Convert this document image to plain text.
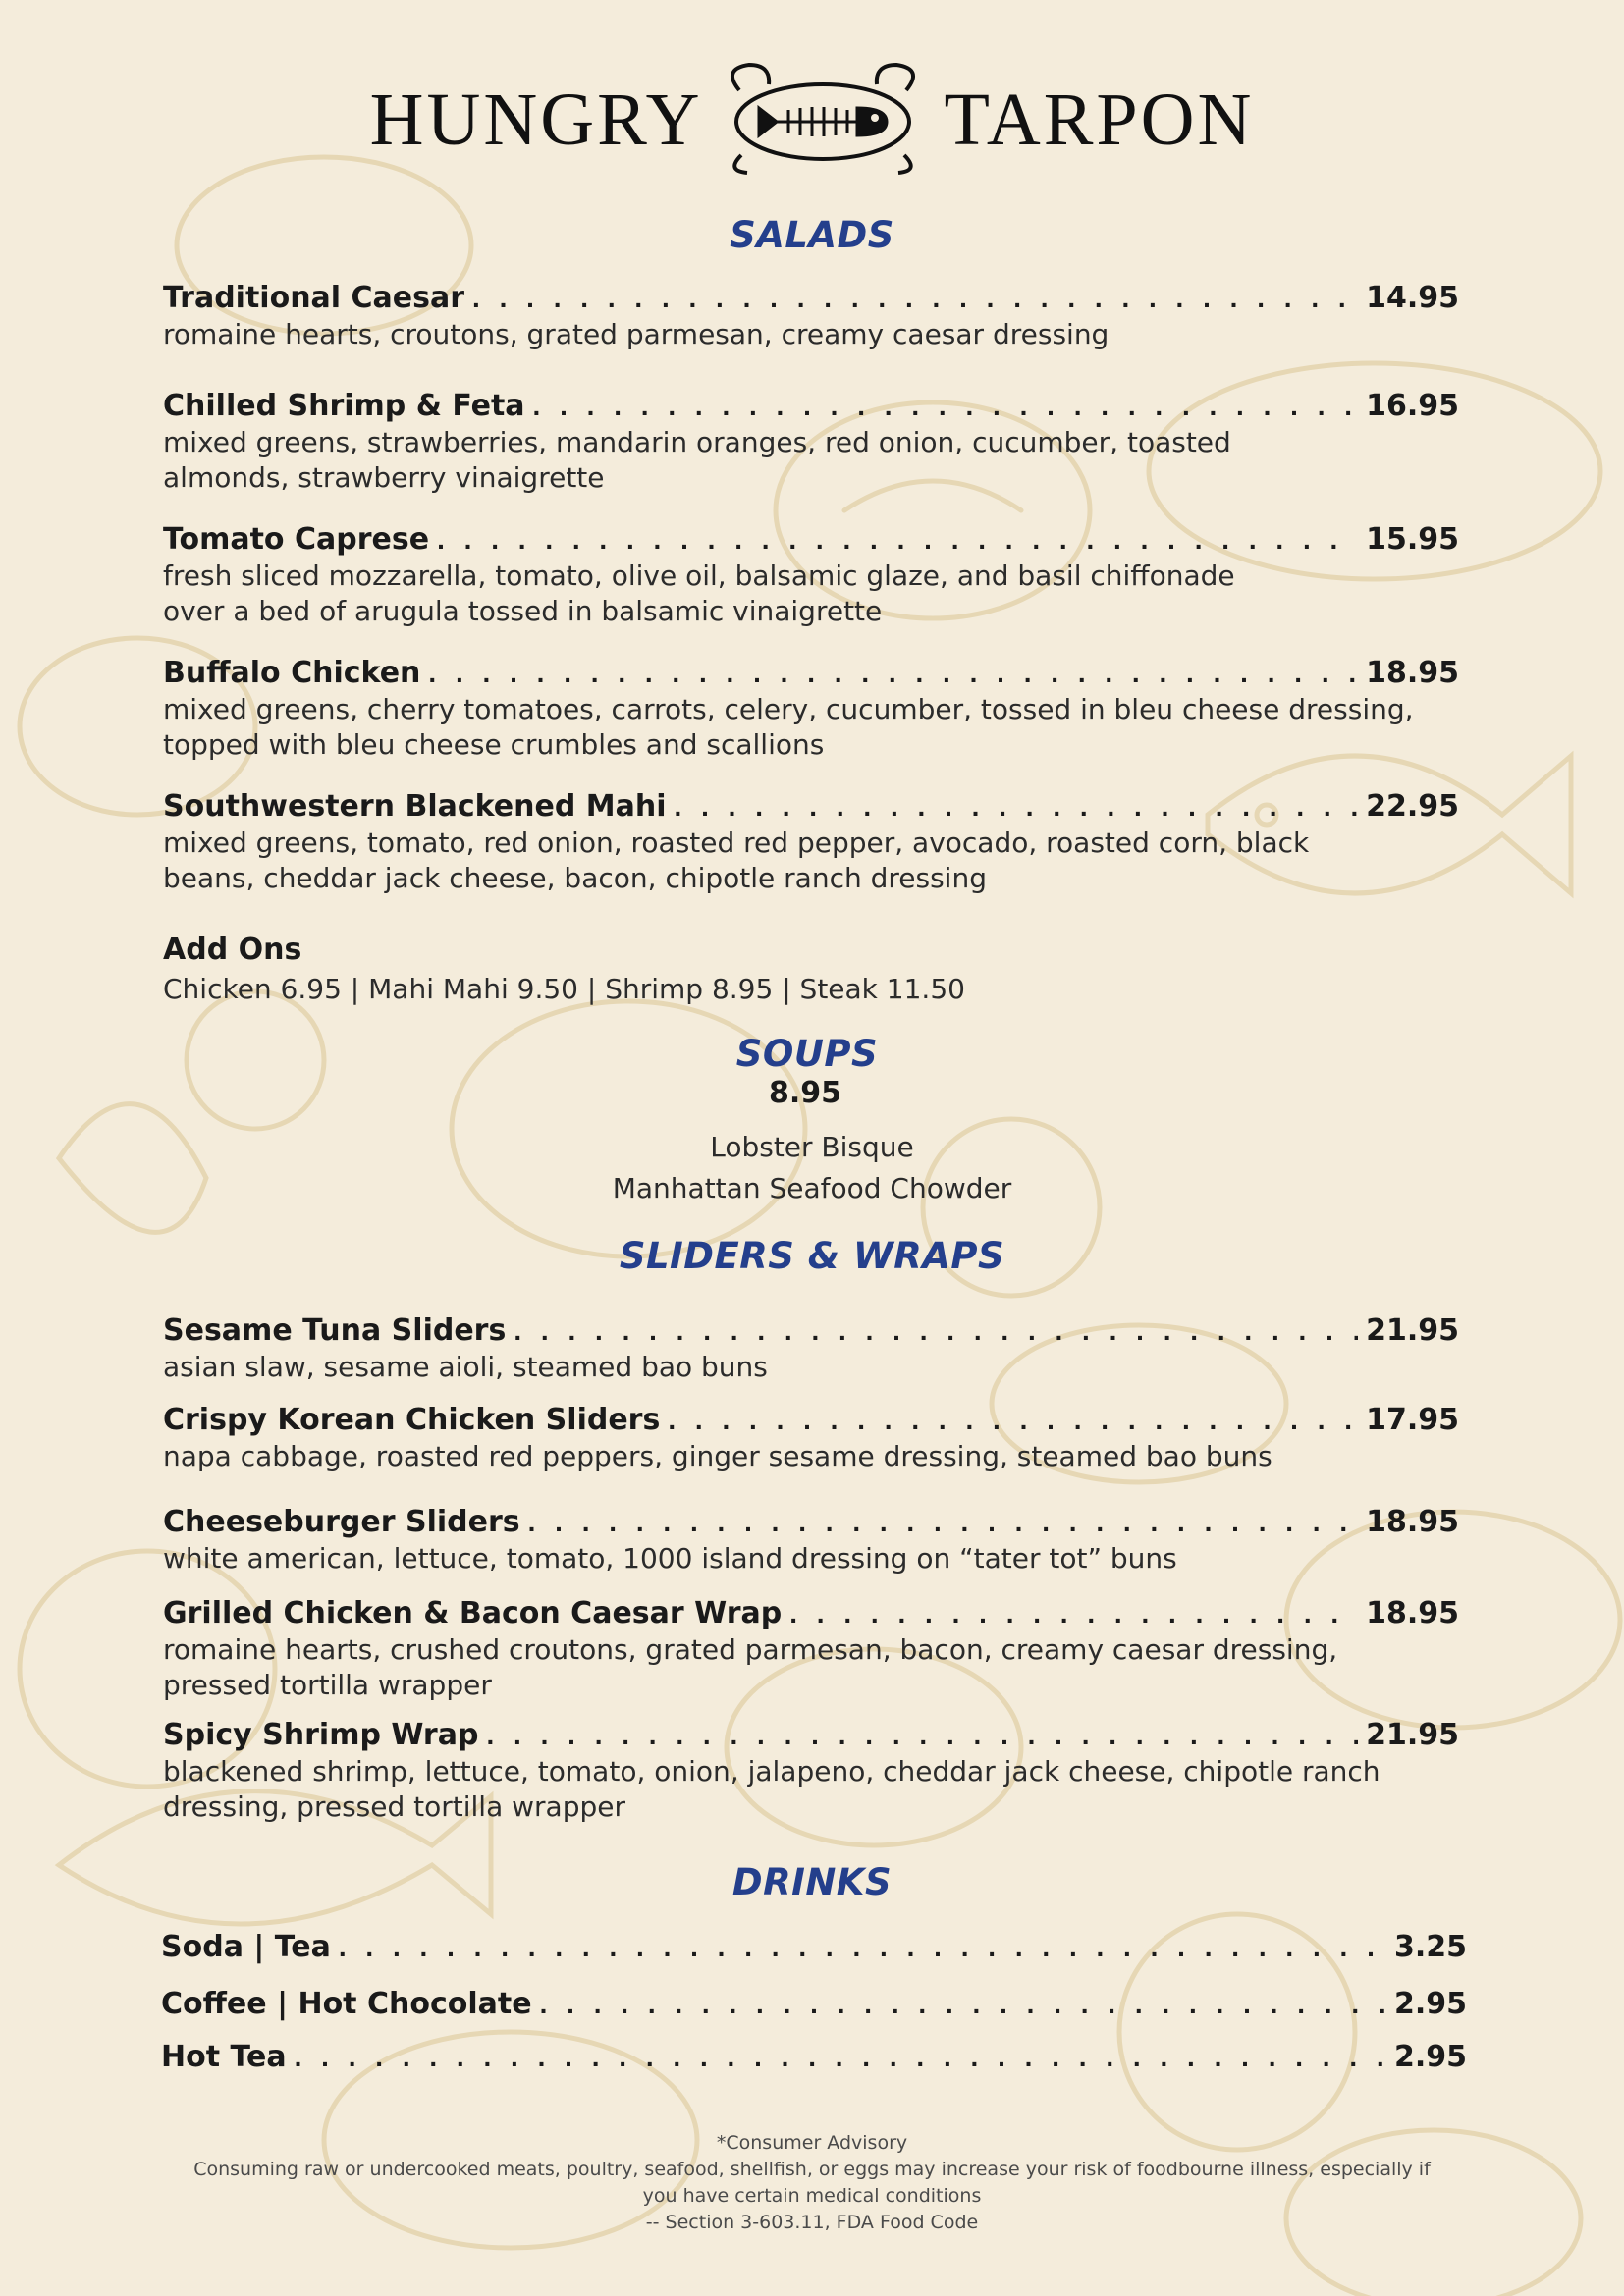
HUNGRY	TARPON
SALADS
Traditional Caesar . . .	14.95
romaine hearts, croutons, grated parmesan, creamy caesar dressing
Chilled Shrimp & Feta . . .	16.95
mixed greens, strawberries, mandarin oranges, red onion, cucumber, toasted almonds, strawberry vinaigrette
Tomato Caprese . . .	15.95
fresh sliced mozzarella, tomato, olive oil, balsamic glaze, and basil chiffonade over a bed of arugula tossed in balsamic vinaigrette
Buffalo Chicken . . .	18.95
mixed greens, cherry tomatoes, carrots, celery, cucumber, tossed in bleu cheese dressing, topped with bleu cheese crumbles and scallions
Southwestern Blackened Mahi . . .	22.95
mixed greens, tomato, red onion, roasted red pepper, avocado, roasted corn, black beans, cheddar jack cheese, bacon, chipotle ranch dressing
Add Ons
Chicken 6.95 | Mahi Mahi 9.50 | Shrimp 8.95 | Steak 11.50
SOUPS
8.95
Lobster Bisque
Manhattan Seafood Chowder
SLIDERS & WRAPS
Sesame Tuna Sliders . . .	21.95
asian slaw, sesame aioli, steamed bao buns
Crispy Korean Chicken Sliders . . .	17.95
napa cabbage, roasted red peppers, ginger sesame dressing, steamed bao buns
Cheeseburger Sliders . . .	18.95
white american, lettuce, tomato, 1000 island dressing on “tater tot” buns
Grilled Chicken & Bacon Caesar Wrap . . .	18.95
romaine hearts, crushed croutons, grated parmesan, bacon, creamy caesar dressing, pressed tortilla wrapper
Spicy Shrimp Wrap . . .	21.95
blackened shrimp, lettuce, tomato, onion, jalapeno, cheddar jack cheese, chipotle ranch dressing, pressed tortilla wrapper
DRINKS
Soda | Tea . . .	3.25
Coffee | Hot Chocolate . . .	2.95
Hot Tea . . .	2.95
*Consumer Advisory
Consuming raw or undercooked meats, poultry, seafood, shellfish, or eggs may increase your risk of foodbourne illness, especially if
you have certain medical conditions
-- Section 3-603.11, FDA Food Code
